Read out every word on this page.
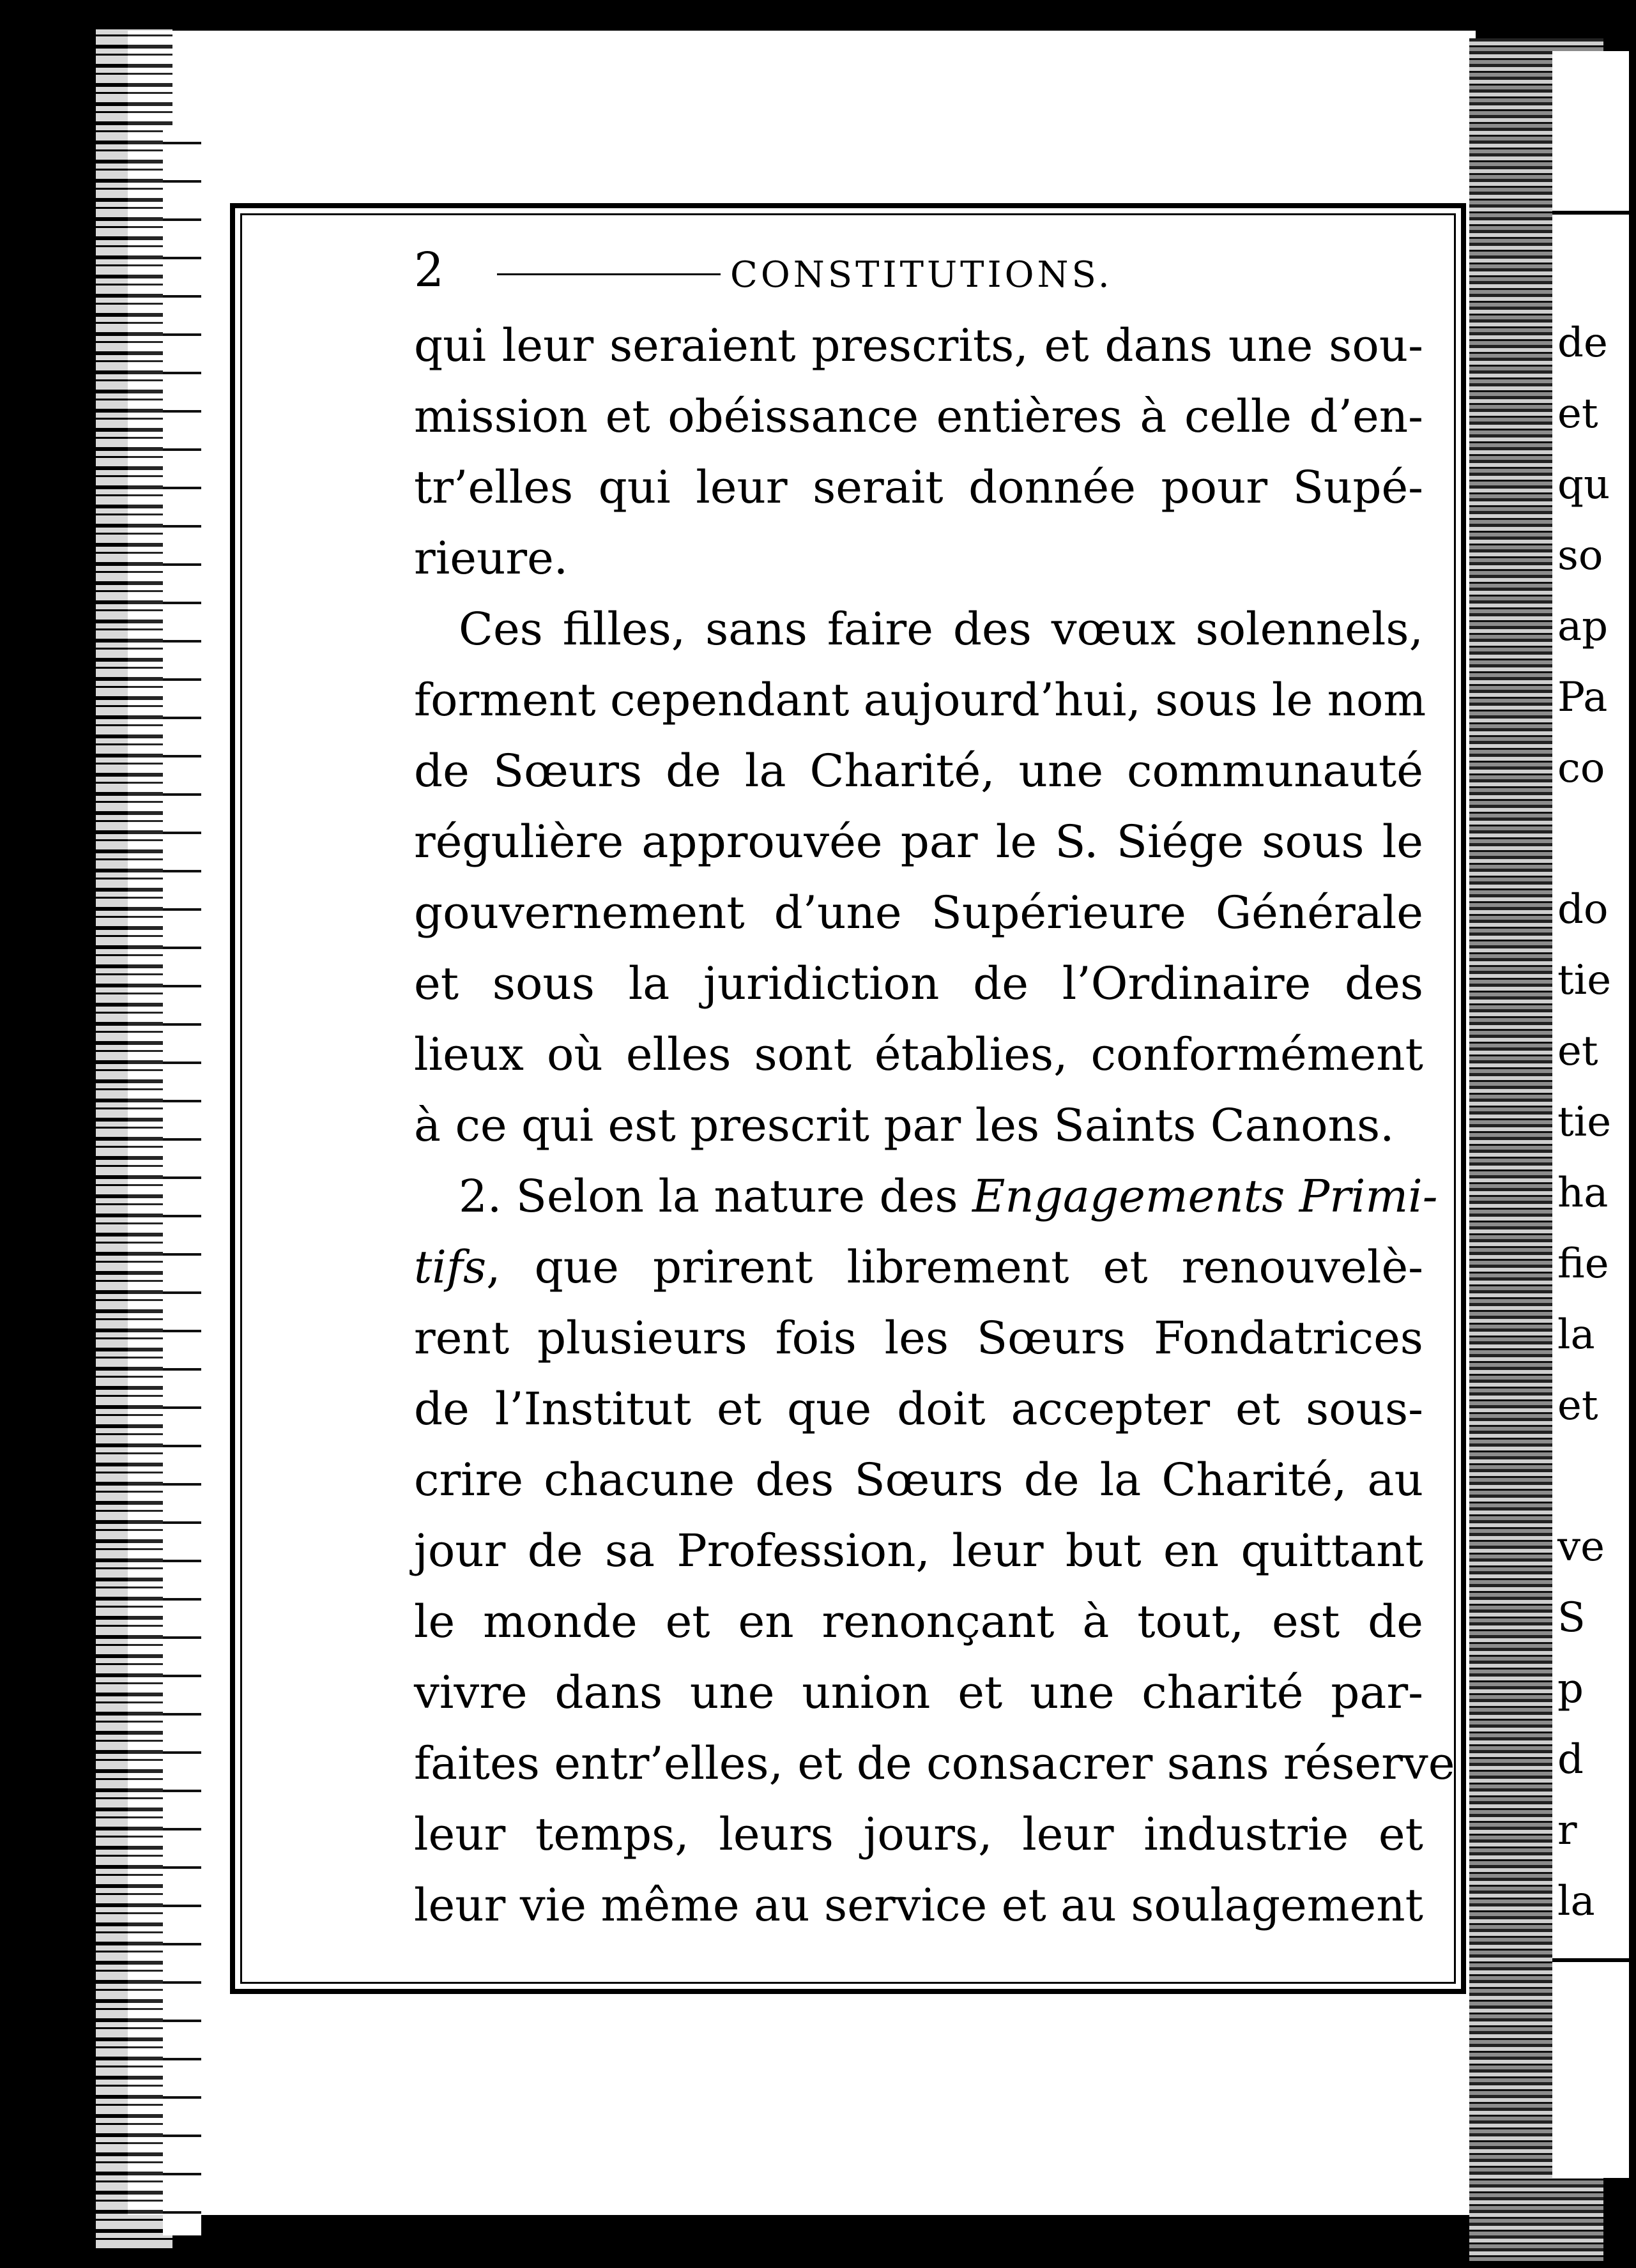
de
et
qu
so
ap
Pa
co
do
tie
et
tie
ha
fie
la
et
ve
S
p
d
r
la
2	CONSTITUTIONS.
qui leur seraient prescrits, et dans une sou-
mission et obéissance entières à celle d’en-
tr’elles qui leur serait donnée pour Supé-
rieure.
Ces filles, sans faire des vœux solennels,
forment cependant aujourd’hui, sous le nom
de Sœurs de la Charité, une communauté
régulière approuvée par le S. Siége sous le
gouvernement d’une Supérieure Générale
et sous la juridiction de l’Ordinaire des
lieux où elles sont établies, conformément
à ce qui est prescrit par les Saints Canons.
2. Selon la nature des Engagements Primi-
tifs, que prirent librement et renouvelè-
rent plusieurs fois les Sœurs Fondatrices
de l’Institut et que doit accepter et sous-
crire chacune des Sœurs de la Charité, au
jour de sa Profession, leur but en quittant
le monde et en renonçant à tout, est de
vivre dans une union et une charité par-
faites entr’elles, et de consacrer sans réserve
leur temps, leurs jours, leur industrie et
leur vie même au service et au soulagement
